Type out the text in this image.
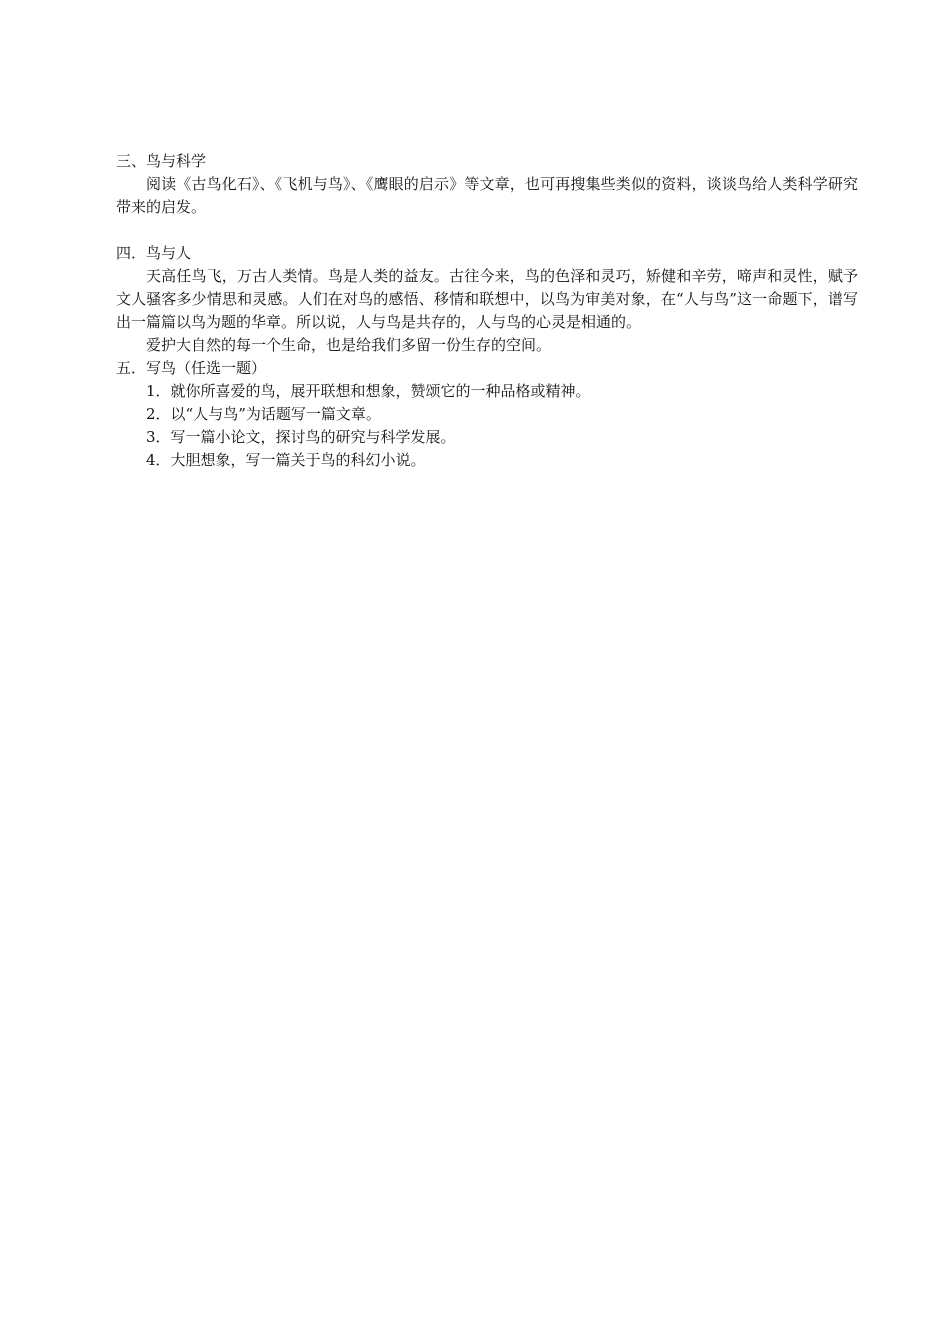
三、鸟与科学

阅读《古鸟化石》、《飞机与鸟》、《鹰眼的启示》等文章，也可再搜集些类似的资料，谈谈鸟给人类科学研究带来的启发。

四．鸟与人

天高任鸟飞，万古人类情。鸟是人类的益友。古往今来，鸟的色泽和灵巧，矫健和辛劳，啼声和灵性，赋予文人骚客多少情思和灵感。人们在对鸟的感悟、移情和联想中，以鸟为审美对象，在“人与鸟”这一命题下，谱写出一篇篇以鸟为题的华章。所以说，人与鸟是共存的，人与鸟的心灵是相通的。

爱护大自然的每一个生命，也是给我们多留一份生存的空间。

五．写鸟（任选一题）

1．就你所喜爱的鸟，展开联想和想象，赞颂它的一种品格或精神。

2．以“人与鸟”为话题写一篇文章。

3．写一篇小论文，探讨鸟的研究与科学发展。

4．大胆想象，写一篇关于鸟的科幻小说。
